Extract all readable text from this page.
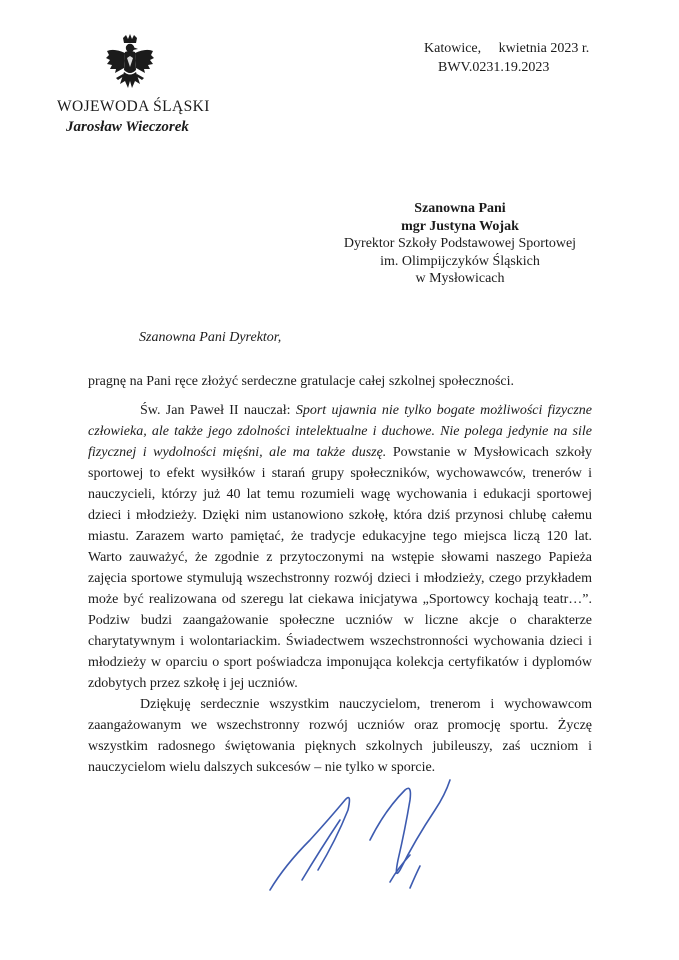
WOJEWODA ŚLĄSKI
Jarosław Wieczorek
Katowice,     kwietnia 2023 r.
BWV.0231.19.2023
Szanowna Pani
mgr Justyna Wojak
Dyrektor Szkoły Podstawowej Sportowej
im. Olimpijczyków Śląskich
w Mysłowicach
Szanowna Pani Dyrektor,

pragnę na Pani ręce złożyć serdeczne gratulacje całej szkolnej społeczności.

Św. Jan Paweł II nauczał: Sport ujawnia nie tylko bogate możliwości fizyczne człowieka, ale także jego zdolności intelektualne i duchowe. Nie polega jedynie na sile fizycznej i wydolności mięśni, ale ma także duszę. Powstanie w Mysłowicach szkoły sportowej to efekt wysiłków i starań grupy społeczników, wychowawców, trenerów i nauczycieli, którzy już 40 lat temu rozumieli wagę wychowania i edukacji sportowej dzieci i młodzieży. Dzięki nim ustanowiono szkołę, która dziś przynosi chlubę całemu miastu. Zarazem warto pamiętać, że tradycje edukacyjne tego miejsca liczą 120 lat. Warto zauważyć, że zgodnie z przytoczonymi na wstępie słowami naszego Papieża zajęcia sportowe stymulują wszechstronny rozwój dzieci i młodzieży, czego przykładem może być realizowana od szeregu lat ciekawa inicjatywa „Sportowcy kochają teatr…”. Podziw budzi zaangażowanie społeczne uczniów w liczne akcje o charakterze charytatywnym i wolontariackim. Świadectwem wszechstronności wychowania dzieci i młodzieży w oparciu o sport poświadcza imponująca kolekcja certyfikatów i dyplomów zdobytych przez szkołę i jej uczniów.

Dziękuję serdecznie wszystkim nauczycielom, trenerom i wychowawcom zaangażowanym we wszechstronny rozwój uczniów oraz promocję sportu. Życzę wszystkim radosnego świętowania pięknych szkolnych jubileuszy, zaś uczniom i nauczycielom wielu dalszych sukcesów – nie tylko w sporcie.
